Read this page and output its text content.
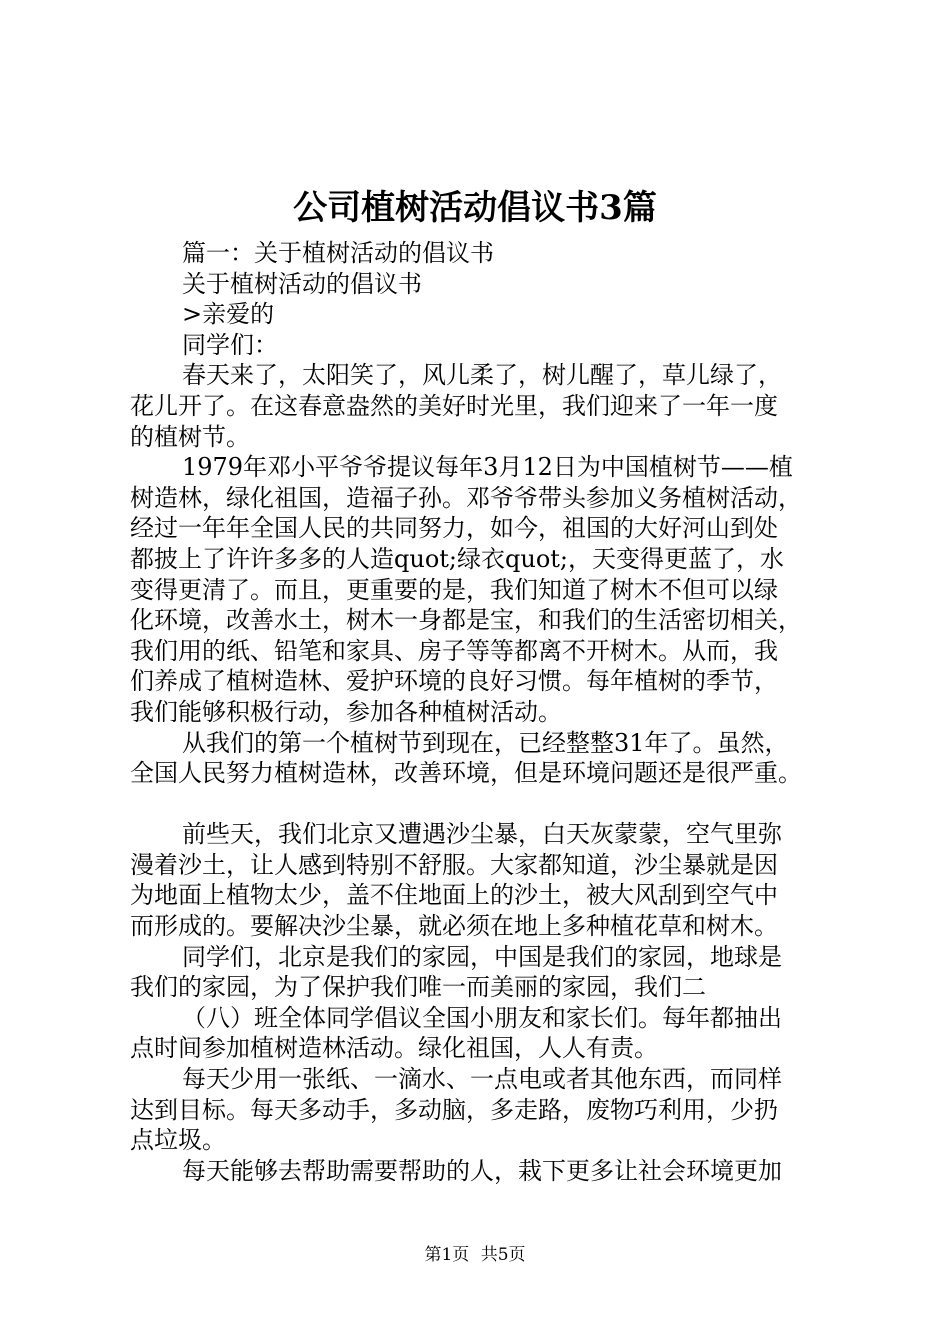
公司植树活动倡议书3篇

篇一：关于植树活动的倡议书

关于植树活动的倡议书

>亲爱的

同学们：

春天来了，太阳笑了，风儿柔了，树儿醒了，草儿绿了，

花儿开了。在这春意盎然的美好时光里，我们迎来了一年一度

的植树节。

1979年邓小平爷爷提议每年3月12日为中国植树节——植

树造林，绿化祖国，造福子孙。邓爷爷带头参加义务植树活动，

经过一年年全国人民的共同努力，如今，祖国的大好河山到处

都披上了许许多多的人造quot;绿衣quot;，天变得更蓝了，水

变得更清了。而且，更重要的是，我们知道了树木不但可以绿

化环境，改善水土，树木一身都是宝，和我们的生活密切相关，

我们用的纸、铅笔和家具、房子等等都离不开树木。从而，我

们养成了植树造林、爱护环境的良好习惯。每年植树的季节，

我们能够积极行动，参加各种植树活动。

从我们的第一个植树节到现在，已经整整31年了。虽然，

全国人民努力植树造林，改善环境，但是环境问题还是很严重。

前些天，我们北京又遭遇沙尘暴，白天灰蒙蒙，空气里弥

漫着沙土，让人感到特别不舒服。大家都知道，沙尘暴就是因

为地面上植物太少，盖不住地面上的沙土，被大风刮到空气中

而形成的。要解决沙尘暴，就必须在地上多种植花草和树木。

同学们，北京是我们的家园，中国是我们的家园，地球是

我们的家园，为了保护我们唯一而美丽的家园，我们二

（八）班全体同学倡议全国小朋友和家长们。每年都抽出

点时间参加植树造林活动。绿化祖国，人人有责。

每天少用一张纸、一滴水、一点电或者其他东西，而同样

达到目标。每天多动手，多动脑，多走路，废物巧利用，少扔

点垃圾。

每天能够去帮助需要帮助的人，栽下更多让社会环境更加

第1页 共5页
